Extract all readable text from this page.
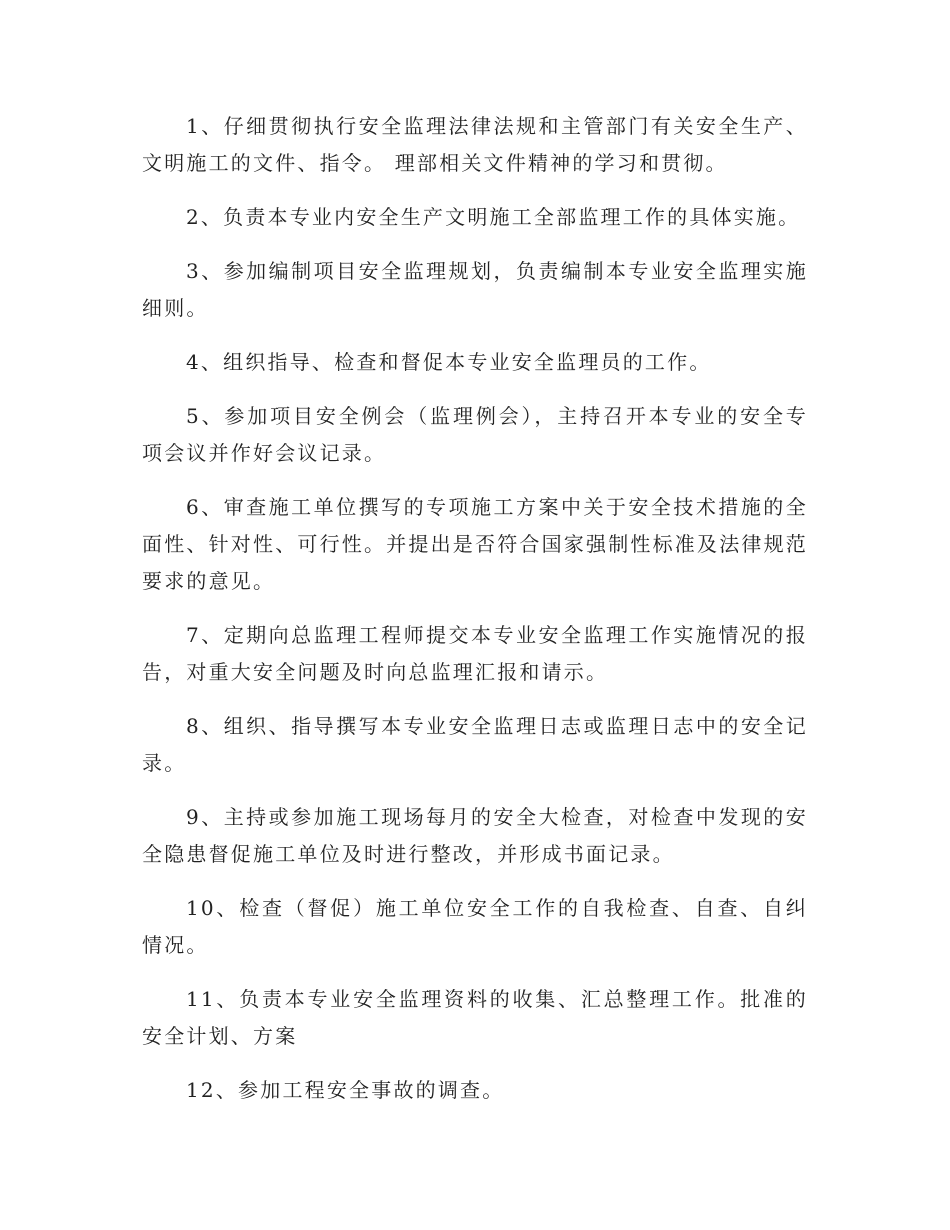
1、仔细贯彻执行安全监理法律法规和主管部门有关安全生产、文明施工的文件、指令。 理部相关文件精神的学习和贯彻。

2、负责本专业内安全生产文明施工全部监理工作的具体实施。

3、参加编制项目安全监理规划，负责编制本专业安全监理实施细则。

4、组织指导、检查和督促本专业安全监理员的工作。

5、参加项目安全例会（监理例会），主持召开本专业的安全专项会议并作好会议记录。

6、审查施工单位撰写的专项施工方案中关于安全技术措施的全面性、针对性、可行性。并提出是否符合国家强制性标准及法律规范要求的意见。

7、定期向总监理工程师提交本专业安全监理工作实施情况的报告，对重大安全问题及时向总监理汇报和请示。

8、组织、指导撰写本专业安全监理日志或监理日志中的安全记录。

9、主持或参加施工现场每月的安全大检查，对检查中发现的安全隐患督促施工单位及时进行整改，并形成书面记录。

10、检查（督促）施工单位安全工作的自我检查、自查、自纠情况。

11、负责本专业安全监理资料的收集、汇总整理工作。批准的安全计划、方案

12、参加工程安全事故的调查。
